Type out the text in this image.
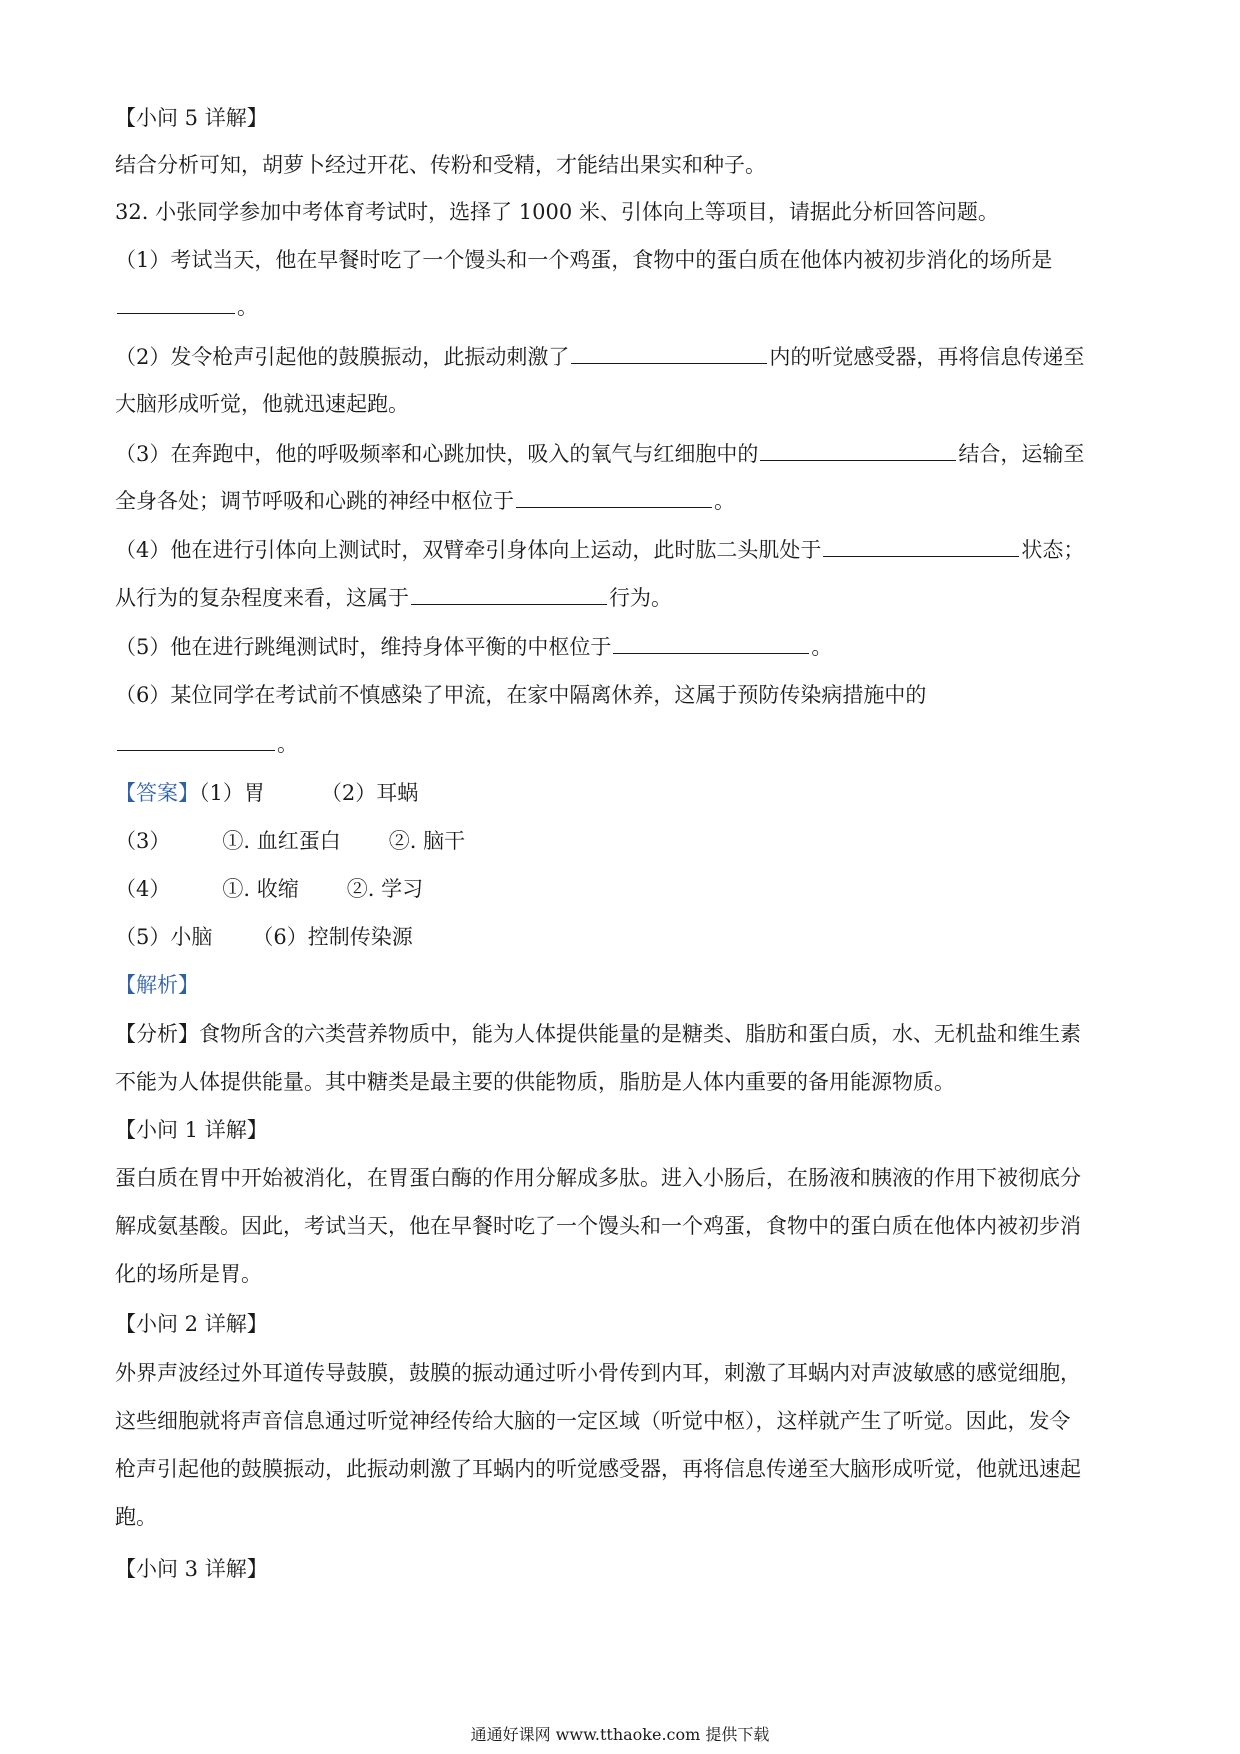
【小问 5 详解】
结合分析可知，胡萝卜经过开花、传粉和受精，才能结出果实和种子。
32. 小张同学参加中考体育考试时，选择了 1000 米、引体向上等项目，请据此分析回答问题。
（1）考试当天，他在早餐时吃了一个馒头和一个鸡蛋，食物中的蛋白质在他体内被初步消化的场所是
。
（2）发令枪声引起他的鼓膜振动，此振动刺激了	内的听觉感受器，再将信息传递至
大脑形成听觉，他就迅速起跑。
（3）在奔跑中，他的呼吸频率和心跳加快，吸入的氧气与红细胞中的	结合，运输至
全身各处；调节呼吸和心跳的神经中枢位于	。
（4）他在进行引体向上测试时，双臂牵引身体向上运动，此时肱二头肌处于	状态；
从行为的复杂程度来看，这属于	行为。
（5）他在进行跳绳测试时，维持身体平衡的中枢位于	。
（6）某位同学在考试前不慎感染了甲流，在家中隔离休养，这属于预防传染病措施中的
。
【答案】（1）胃	（2）耳蜗
（3） ①. 血红蛋白 ②. 脑干
（4） ①. 收缩 ②. 学习
（5）小脑 （6）控制传染源
【解析】
【分析】食物所含的六类营养物质中，能为人体提供能量的是糖类、脂肪和蛋白质，水、无机盐和维生素
不能为人体提供能量。其中糖类是最主要的供能物质，脂肪是人体内重要的备用能源物质。
【小问 1 详解】
蛋白质在胃中开始被消化，在胃蛋白酶的作用分解成多肽。进入小肠后，在肠液和胰液的作用下被彻底分
解成氨基酸。因此，考试当天，他在早餐时吃了一个馒头和一个鸡蛋，食物中的蛋白质在他体内被初步消
化的场所是胃。
【小问 2 详解】
外界声波经过外耳道传导鼓膜，鼓膜的振动通过听小骨传到内耳，刺激了耳蜗内对声波敏感的感觉细胞，
这些细胞就将声音信息通过听觉神经传给大脑的一定区域（听觉中枢），这样就产生了听觉。因此，发令
枪声引起他的鼓膜振动，此振动刺激了耳蜗内的听觉感受器，再将信息传递至大脑形成听觉，他就迅速起
跑。
【小问 3 详解】
通通好课网 www.tthaoke.com 提供下载
